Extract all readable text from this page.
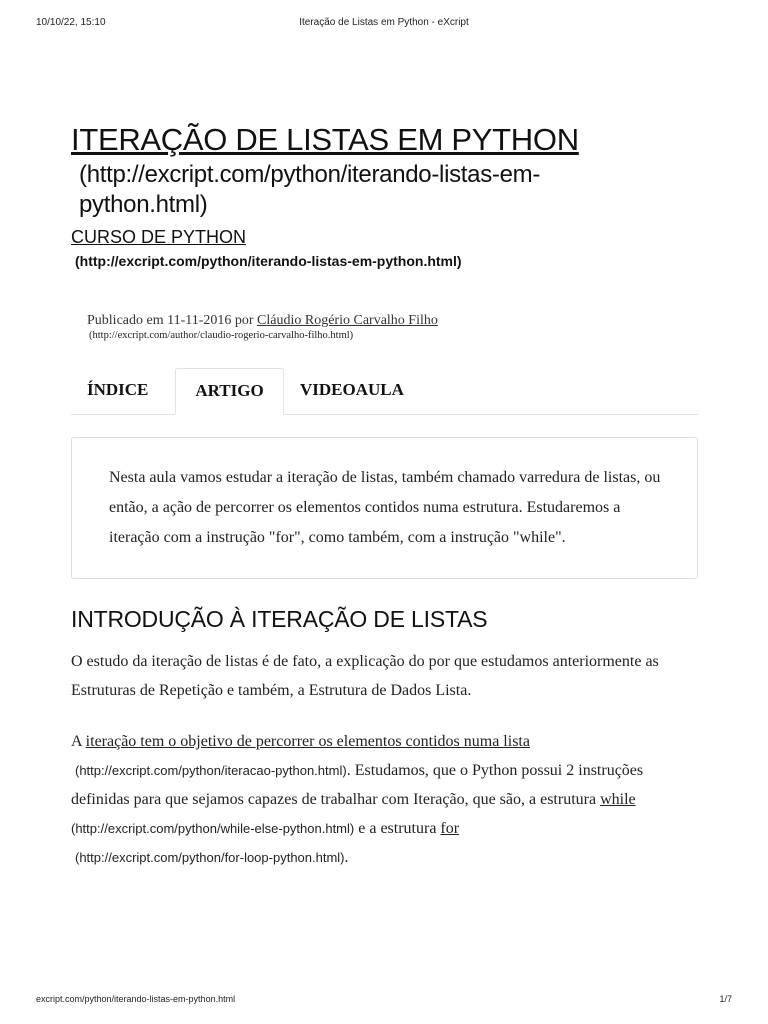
10/10/22, 15:10	Iteração de Listas em Python - eXcript
ITERAÇÃO DE LISTAS EM PYTHON
(http://excript.com/python/iterando-listas-em-
python.html)
CURSO DE PYTHON
(http://excript.com/python/iterando-listas-em-python.html)
Publicado em 11-11-2016 por Cláudio Rogério Carvalho Filho
(http://excript.com/author/claudio-rogerio-carvalho-filho.html)
ÍNDICE	ARTIGO	VIDEOAULA
Nesta aula vamos estudar a iteração de listas, também chamado varredura de listas, ou então, a ação de percorrer os elementos contidos numa estrutura. Estudaremos a iteração com a instrução "for", como também, com a instrução "while".
INTRODUÇÃO À ITERAÇÃO DE LISTAS

O estudo da iteração de listas é de fato, a explicação do por que estudamos anteriormente as Estruturas de Repetição e também, a Estrutura de Dados Lista.

A iteração tem o objetivo de percorrer os elementos contidos numa lista
(http://excript.com/python/iteracao-python.html). Estudamos, que o Python possui 2 instruções definidas para que sejamos capazes de trabalhar com Iteração, que são, a estrutura while (http://excript.com/python/while-else-python.html) e a estrutura for
(http://excript.com/python/for-loop-python.html).

excript.com/python/iterando-listas-em-python.html	1/7
